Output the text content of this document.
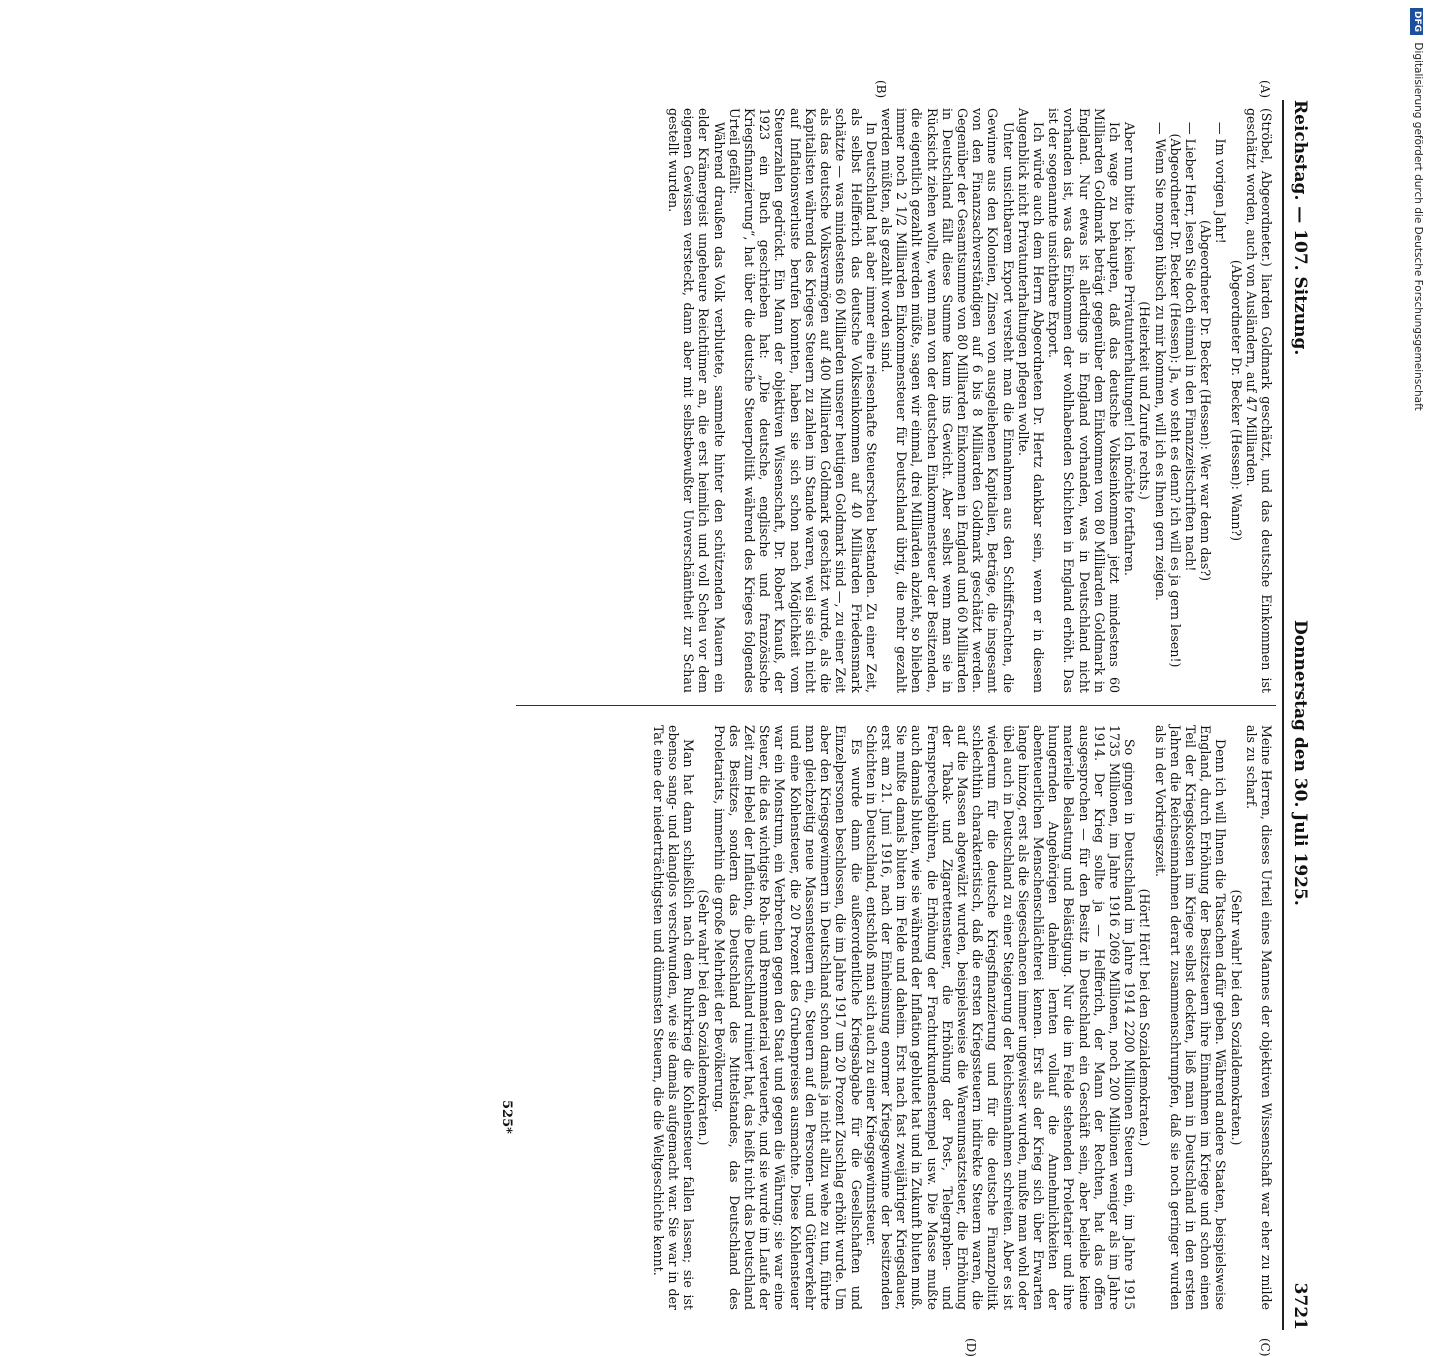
Reichstag. — 107. Sitzung.
Donnerstag den 30. Juli 1925.
3721
(A)
(B)
(C)
(D)

(Ströbel, Abgeordneter.) liarden Goldmark geschätzt, und das deutsche Einkommen ist geschätzt worden, auch von Ausländern, auf 47 Milliarden.

(Abgeordneter Dr. Becker (Hessen): Wann?)

— Im vorigen Jahr!

(Abgeordneter Dr. Becker (Hessen): Wer war denn das?)

— Lieber Herr, lesen Sie doch einmal in den Finanzzeitschriften nach!

(Abgeordneter Dr. Becker (Hessen): Ja, wo steht es denn? ich will es ja gern lesen!)

— Wenn Sie morgen hübsch zu mir kommen, will ich es Ihnen gern zeigen.

(Heiterkeit und Zurufe rechts.)

Aber nun bitte ich: keine Privatunterhaltungen! Ich möchte fortfahren.

Ich wage zu behaupten, daß das deutsche Volkseinkommen jetzt mindestens 60 Milliarden Goldmark beträgt gegenüber dem Einkommen von 80 Milliarden Goldmark in England. Nur etwas ist allerdings in England vorhanden, was in Deutschland nicht vorhanden ist, was das Einkommen der wohlhabenden Schichten in England erhöht. Das ist der sogenannte unsichtbare Export.

Ich würde auch dem Herrn Abgeordneten Dr. Hertz dankbar sein, wenn er in diesem Augenblick nicht Privatunterhaltungen pflegen wollte.

Unter unsichtbarem Export versteht man die Einnahmen aus den Schiffsfrachten, die Gewinne aus den Kolonien, Zinsen von ausgeliehenen Kapitalien, Beträge, die insgesamt von den Finanzsachverständigen auf 6 bis 8 Milliarden Goldmark geschätzt werden. Gegenüber der Gesamtsumme von 80 Milliarden Einkommen in England und 60 Milliarden in Deutschland fällt diese Summe kaum ins Gewicht. Aber selbst wenn man sie in Rücksicht ziehen wollte, wenn man von der deutschen Einkommensteuer der Besitzenden, die eigentlich gezahlt werden müßte, sagen wir einmal, drei Milliarden abzieht, so blieben immer noch 2 1/2 Milliarden Einkommensteuer für Deutschland übrig, die mehr gezahlt werden müßten, als gezahlt worden sind.

In Deutschland hat aber immer eine riesenhafte Steuerscheu bestanden. Zu einer Zeit, als selbst Helfferich das deutsche Volkseinkommen auf 40 Milliarden Friedensmark schätzte — was mindestens 60 Milliarden unserer heutigen Goldmark sind —, zu einer Zeit als das deutsche Volksvermögen auf 400 Milliarden Goldmark geschätzt wurde, als die Kapitalisten während des Krieges Steuern zu zahlen im Stande waren, weil sie sich nicht auf Inflationsverluste berufen konnten, haben sie sich schon nach Möglichkeit vom Steuerzahlen gedrückt. Ein Mann der objektiven Wissenschaft, Dr. Robert Knauß, der 1923 ein Buch geschrieben hat: „Die deutsche, englische und französische Kriegsfinanzierung“, hat über die deutsche Steuerpolitik während des Krieges folgendes Urteil gefällt:

Während draußen das Volk verblutete, sammelte hinter den schützenden Mauern ein elder Krämergeist ungeheure Reichtümer an, die erst heimlich und voll Scheu vor dem eigenen Gewissen versteckt, dann aber mit selbstbewußter Unverschämtheit zur Schau gestellt wurden.

Meine Herren, dieses Urteil eines Mannes der objektiven Wissenschaft war eher zu milde als zu scharf.

(Sehr wahr! bei den Sozialdemokraten.)

Denn ich will Ihnen die Tatsachen dafür geben. Während andere Staaten, beispielsweise England, durch Erhöhung der Besitzsteuern ihre Einnahmen im Kriege und schon einen Teil der Kriegskosten im Kriege selbst deckten, ließ man in Deutschland in den ersten Jahren die Reichseinnahmen derart zusammenschrumpfen, daß sie noch geringer wurden als in der Vorkriegszeit.

(Hört! Hört! bei den Sozialdemokraten.)

So gingen in Deutschland im Jahre 1914 2200 Millionen Steuern ein, im Jahre 1915 1735 Millionen, im Jahre 1916 2069 Millionen, noch 200 Millionen weniger als im Jahre 1914. Der Krieg sollte ja — Helfferich, der Mann der Rechten, hat das offen ausgesprochen — für den Besitz in Deutschland ein Geschäft sein, aber beileibe keine materielle Belastung und Belästigung. Nur die im Felde stehenden Proletarier und ihre hungernden Angehörigen daheim lernten vollauf die Annehmlichkeiten der abenteuerlichen Menschenschlächterei kennen. Erst als der Krieg sich über Erwarten lange hinzog, erst als die Siegeschancen immer ungewisser wurden, mußte man wohl oder übel auch in Deutschland zu einer Steigerung der Reichseinnahmen schreiten. Aber es ist wiederum für die deutsche Kriegsfinanzierung und für die deutsche Finanzpolitik schlechthin charakteristisch, daß die ersten Kriegssteuern indirekte Steuern waren, die auf die Massen abgewälzt wurden, beispielsweise die Warenumsatzsteuer, die Erhöhung der Tabak- und Zigarettensteuer, die Erhöhung der Post-, Telegraphen- und Fernsprechgebühren, die Erhöhung der Frachturkundenstempel usw. Die Masse mußte auch damals bluten, wie sie während der Inflation geblutet hat und in Zukunft bluten muß. Sie mußte damals bluten im Felde und daheim. Erst nach fast zweijähriger Kriegsdauer, erst am 21. Juni 1916, nach der Einheimsung enormer Kriegsgewinne der besitzenden Schichten in Deutschland, entschloß man sich auch zu einer Kriegsgewinnsteuer.

Es wurde dann die außerordentliche Kriegsabgabe für die Gesellschaften und Einzelpersonen beschlossen, die im Jahre 1917 um 20 Prozent Zuschlag erhöht wurde. Um aber den Kriegsgewinnern in Deutschland schon damals ja nicht allzu wehe zu tun, führte man gleichzeitig neue Massensteuern ein, Steuern auf den Personen- und Güterverkehr und eine Kohlensteuer, die 20 Prozent des Grubenpreises ausmachte. Diese Kohlensteuer war ein Monstrum, ein Verbrechen gegen den Staat und gegen die Währung; sie war eine Steuer, die das wichtigste Roh- und Brennmaterial verteuerte, und sie wurde im Laufe der Zeit zum Hebel der Inflation, die Deutschland ruiniert hat, das heißt nicht das Deutschland des Besitzes, sondern das Deutschland des Mittelstandes, das Deutschland des Proletariats, immerhin die große Mehrheit der Bevölkerung.

(Sehr wahr! bei den Sozialdemokraten.)

Man hat dann schließlich nach dem Ruhrkrieg die Kohlensteuer fallen lassen; sie ist ebenso sang- und klanglos verschwunden, wie sie damals aufgemacht war. Sie war in der Tat eine der niederträchtigsten und dümmsten Steuern, die die Weltgeschichte kennt.

525*
DFG Digitalisierung gefördert durch die Deutsche Forschungsgemeinschaft
